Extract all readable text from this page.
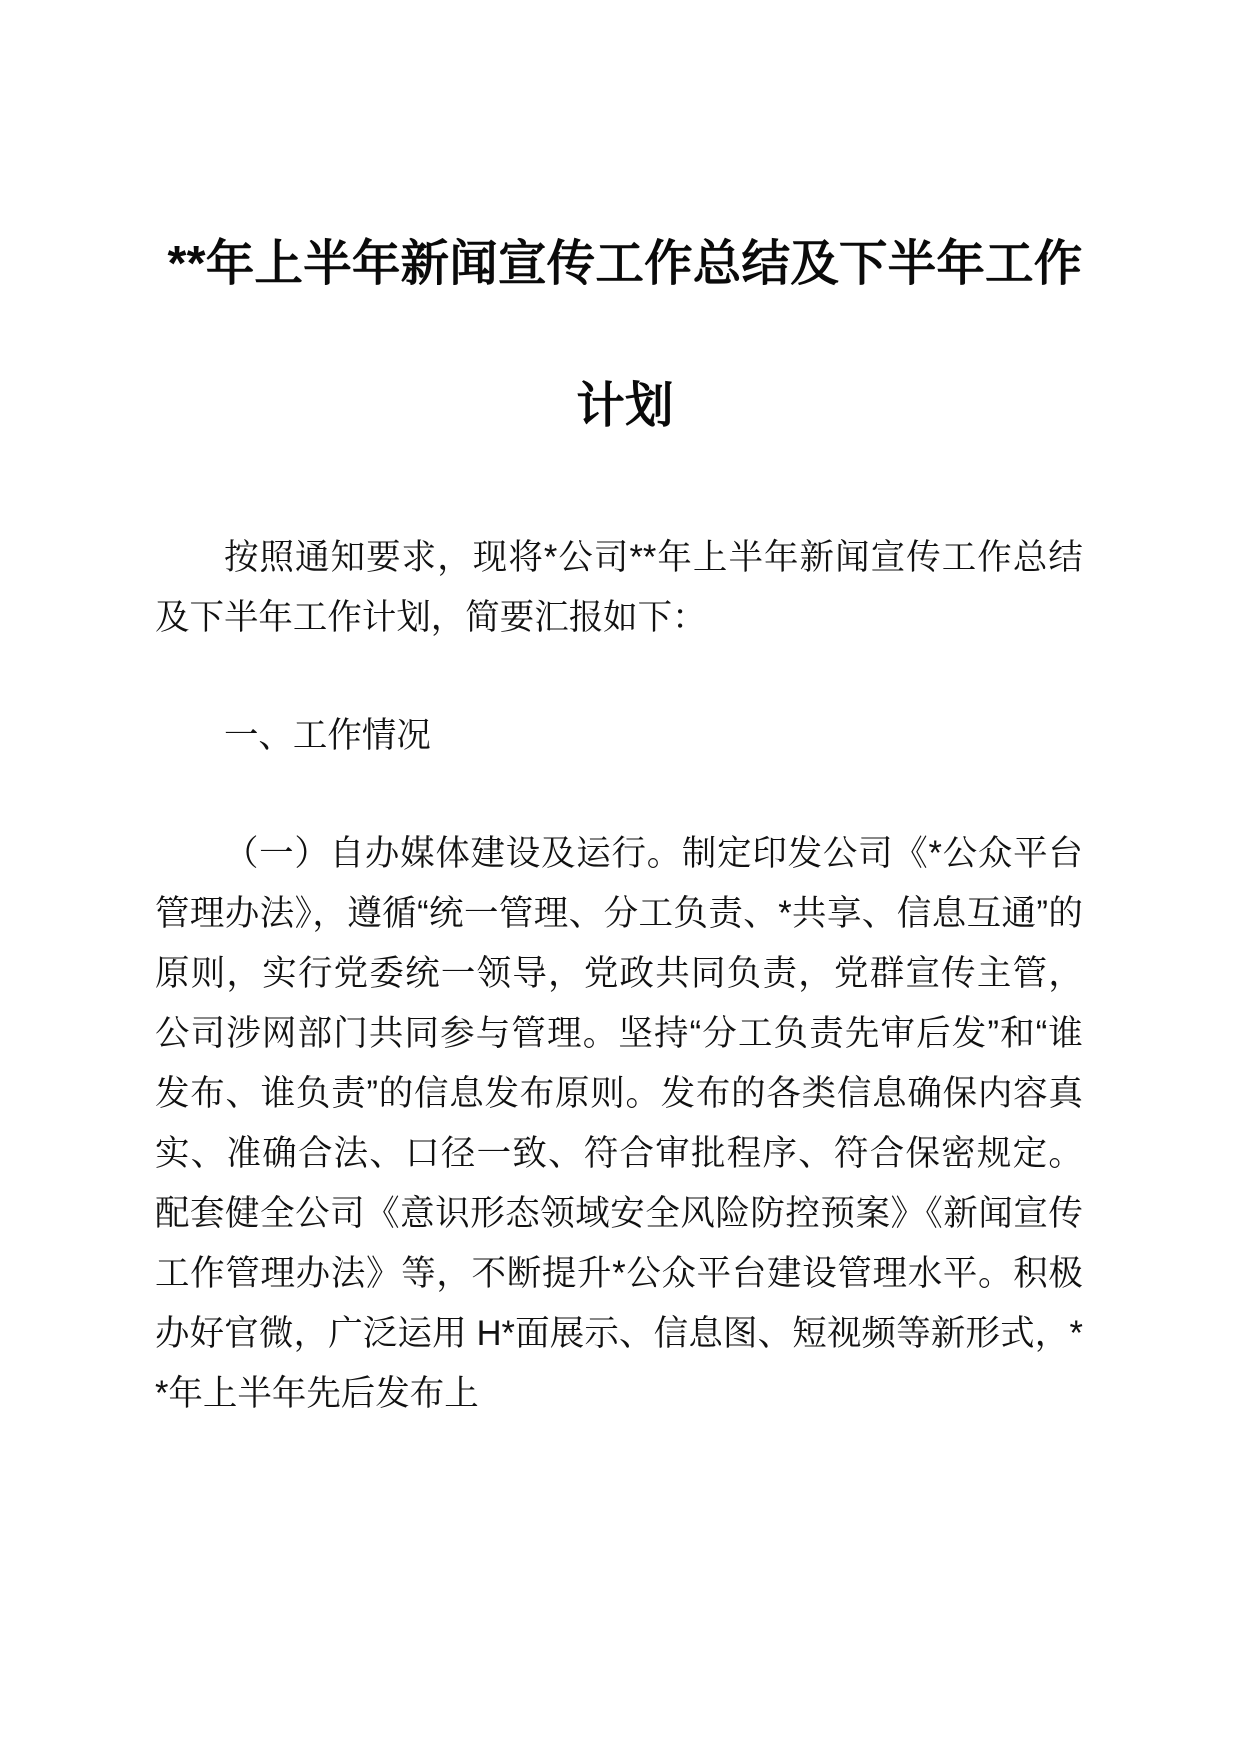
**年上半年新闻宣传工作总结及下半年工作计划

按照通知要求，现将*公司**年上半年新闻宣传工作总结及下半年工作计划，简要汇报如下：

一、工作情况

（一）自办媒体建设及运行。制定印发公司《*公众平台管理办法》，遵循“统一管理、分工负责、*共享、信息互通”的原则，实行党委统一领导，党政共同负责，党群宣传主管，公司涉网部门共同参与管理。坚持“分工负责先审后发”和“谁发布、谁负责”的信息发布原则。发布的各类信息确保内容真实、准确合法、口径一致、符合审批程序、符合保密规定。配套健全公司《意识形态领域安全风险防控预案》《新闻宣传工作管理办法》等，不断提升*公众平台建设管理水平。积极办好官微，广泛运用 H*面展示、信息图、短视频等新形式，**年上半年先后发布上
